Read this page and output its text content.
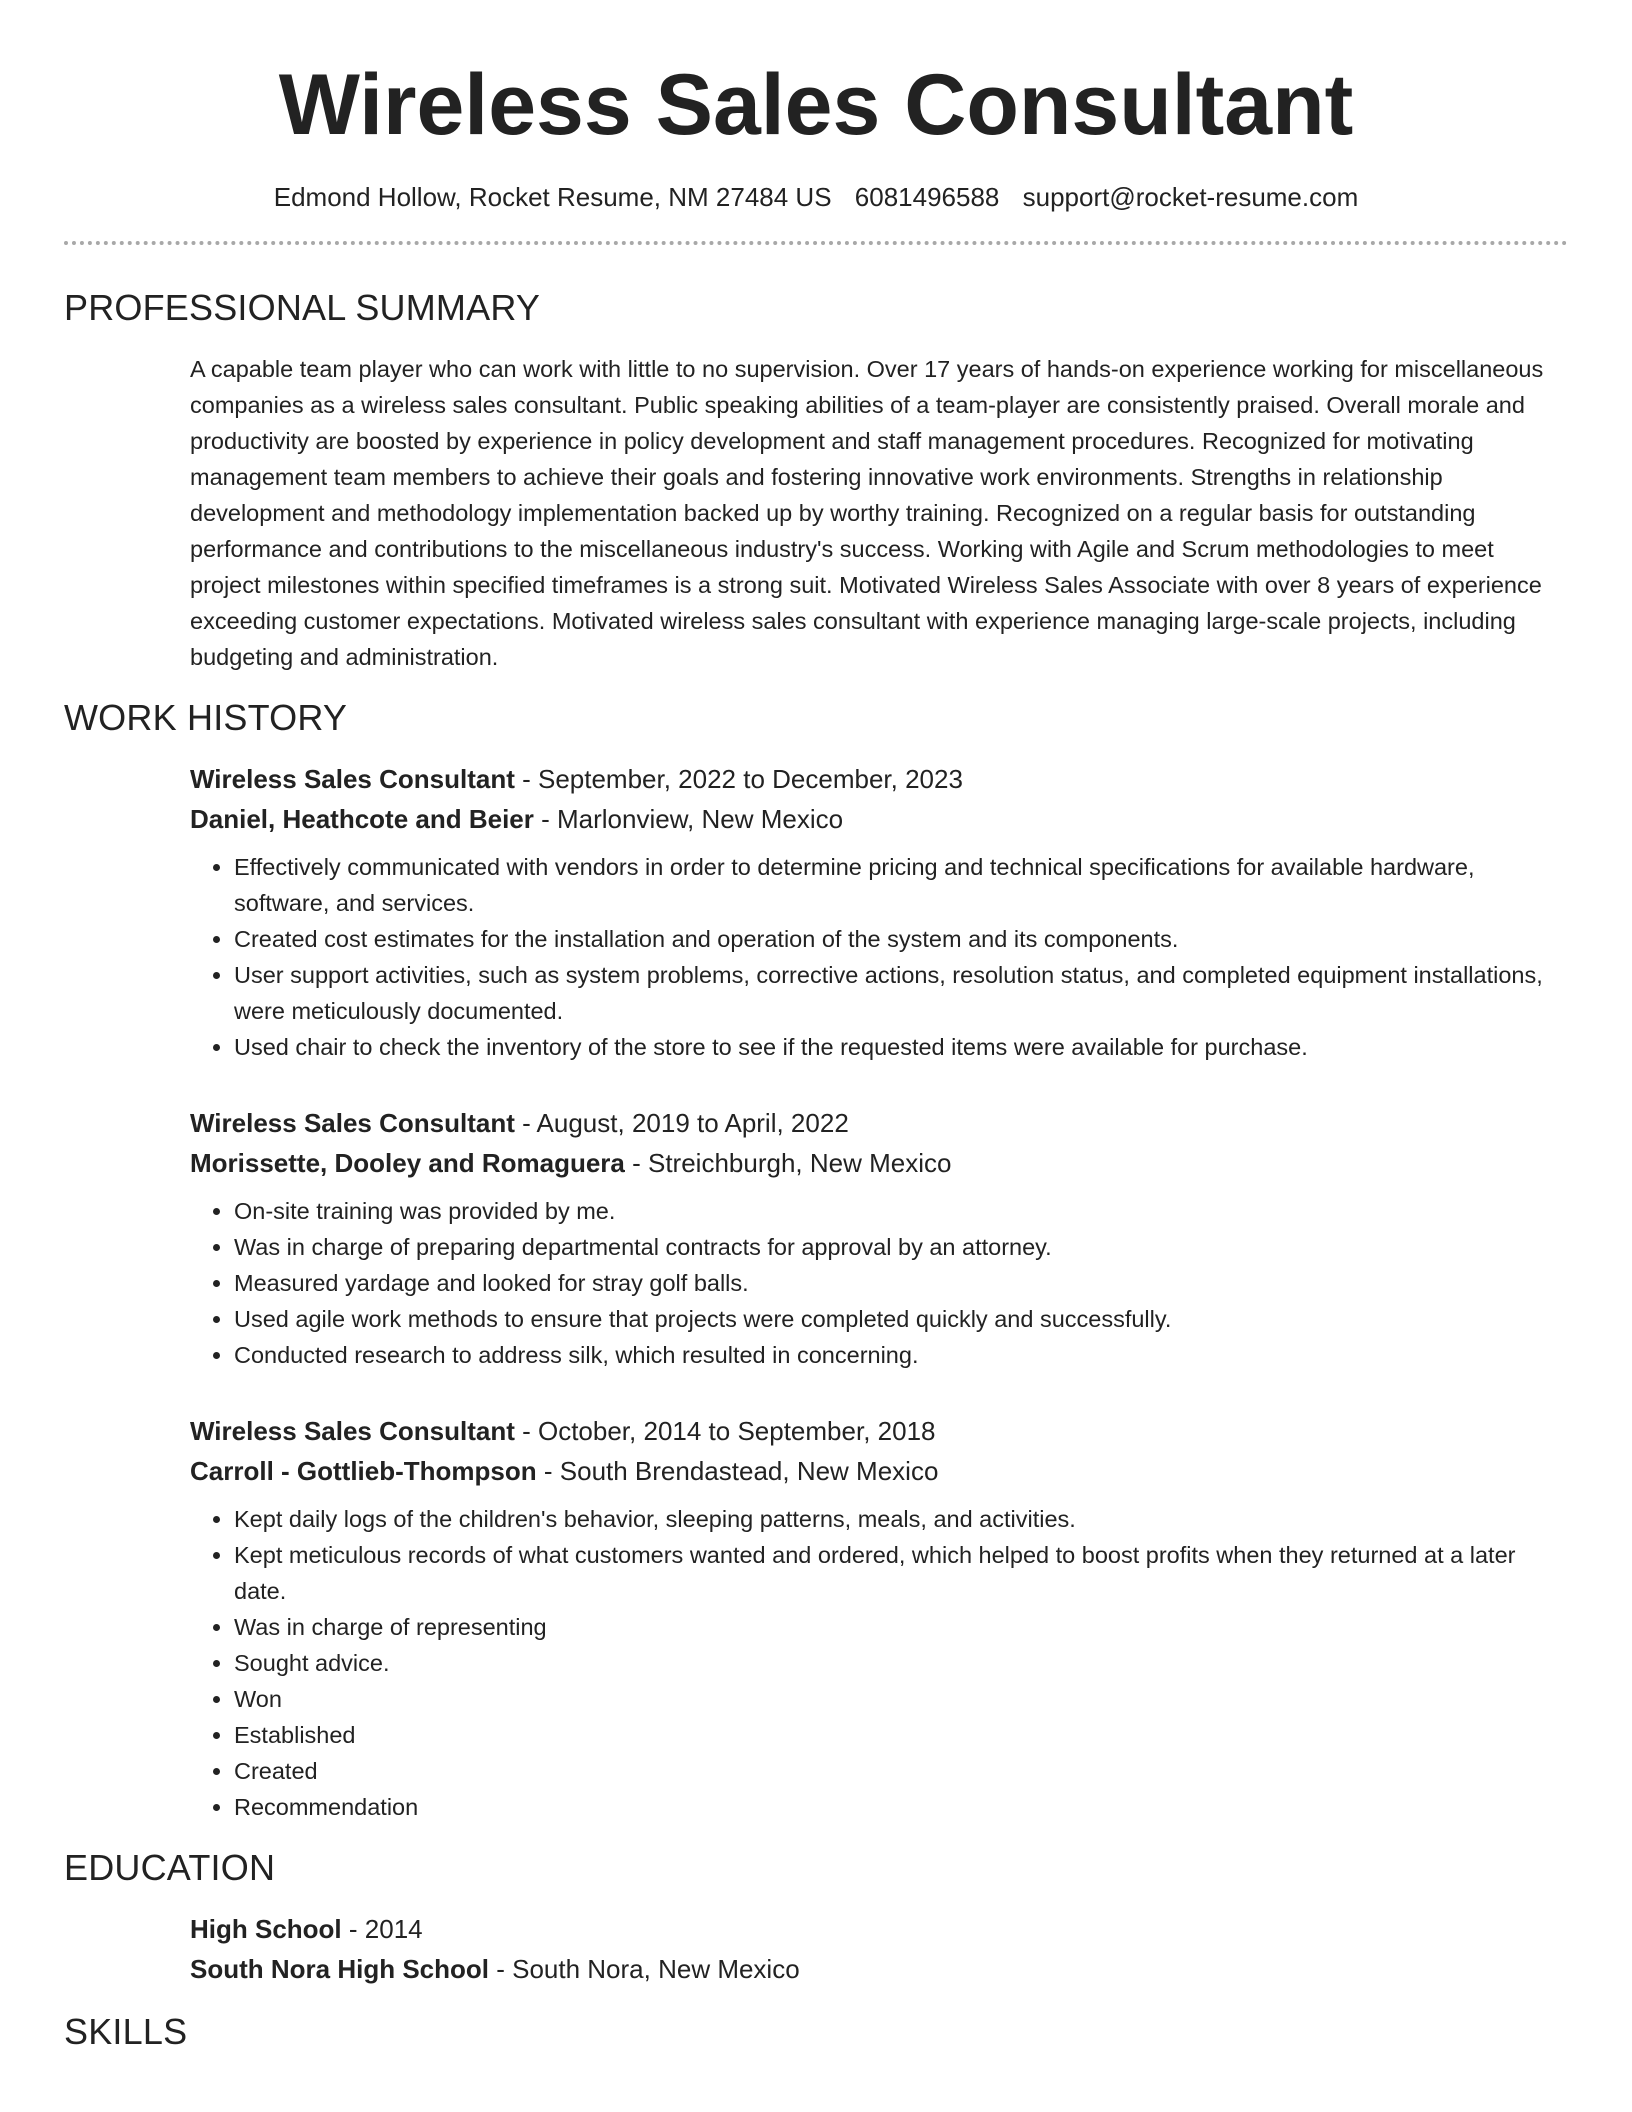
Wireless Sales Consultant
Edmond Hollow, Rocket Resume, NM 27484 US 6081496588 support@rocket-resume.com
PROFESSIONAL SUMMARY

A capable team player who can work with little to no supervision. Over 17 years of hands-on experience working for miscellaneous companies as a wireless sales consultant. Public speaking abilities of a team-player are consistently praised. Overall morale and productivity are boosted by experience in policy development and staff management procedures. Recognized for motivating management team members to achieve their goals and fostering innovative work environments. Strengths in relationship development and methodology implementation backed up by worthy training. Recognized on a regular basis for outstanding performance and contributions to the miscellaneous industry's success. Working with Agile and Scrum methodologies to meet project milestones within specified timeframes is a strong suit. Motivated Wireless Sales Associate with over 8 years of experience exceeding customer expectations. Motivated wireless sales consultant with experience managing large-scale projects, including budgeting and administration.

WORK HISTORY
Wireless Sales Consultant - September, 2022 to December, 2023
Daniel, Heathcote and Beier - Marlonview, New Mexico
• Effectively communicated with vendors in order to determine pricing and technical specifications for available hardware, software, and services.
• Created cost estimates for the installation and operation of the system and its components.
• User support activities, such as system problems, corrective actions, resolution status, and completed equipment installations, were meticulously documented.
• Used chair to check the inventory of the store to see if the requested items were available for purchase.
Wireless Sales Consultant - August, 2019 to April, 2022
Morissette, Dooley and Romaguera - Streichburgh, New Mexico
• On-site training was provided by me.
• Was in charge of preparing departmental contracts for approval by an attorney.
• Measured yardage and looked for stray golf balls.
• Used agile work methods to ensure that projects were completed quickly and successfully.
• Conducted research to address silk, which resulted in concerning.
Wireless Sales Consultant - October, 2014 to September, 2018
Carroll - Gottlieb-Thompson - South Brendastead, New Mexico
• Kept daily logs of the children's behavior, sleeping patterns, meals, and activities.
• Kept meticulous records of what customers wanted and ordered, which helped to boost profits when they returned at a later date.
• Was in charge of representing
• Sought advice.
• Won
• Established
• Created
• Recommendation
EDUCATION
High School - 2014
South Nora High School - South Nora, New Mexico
SKILLS
